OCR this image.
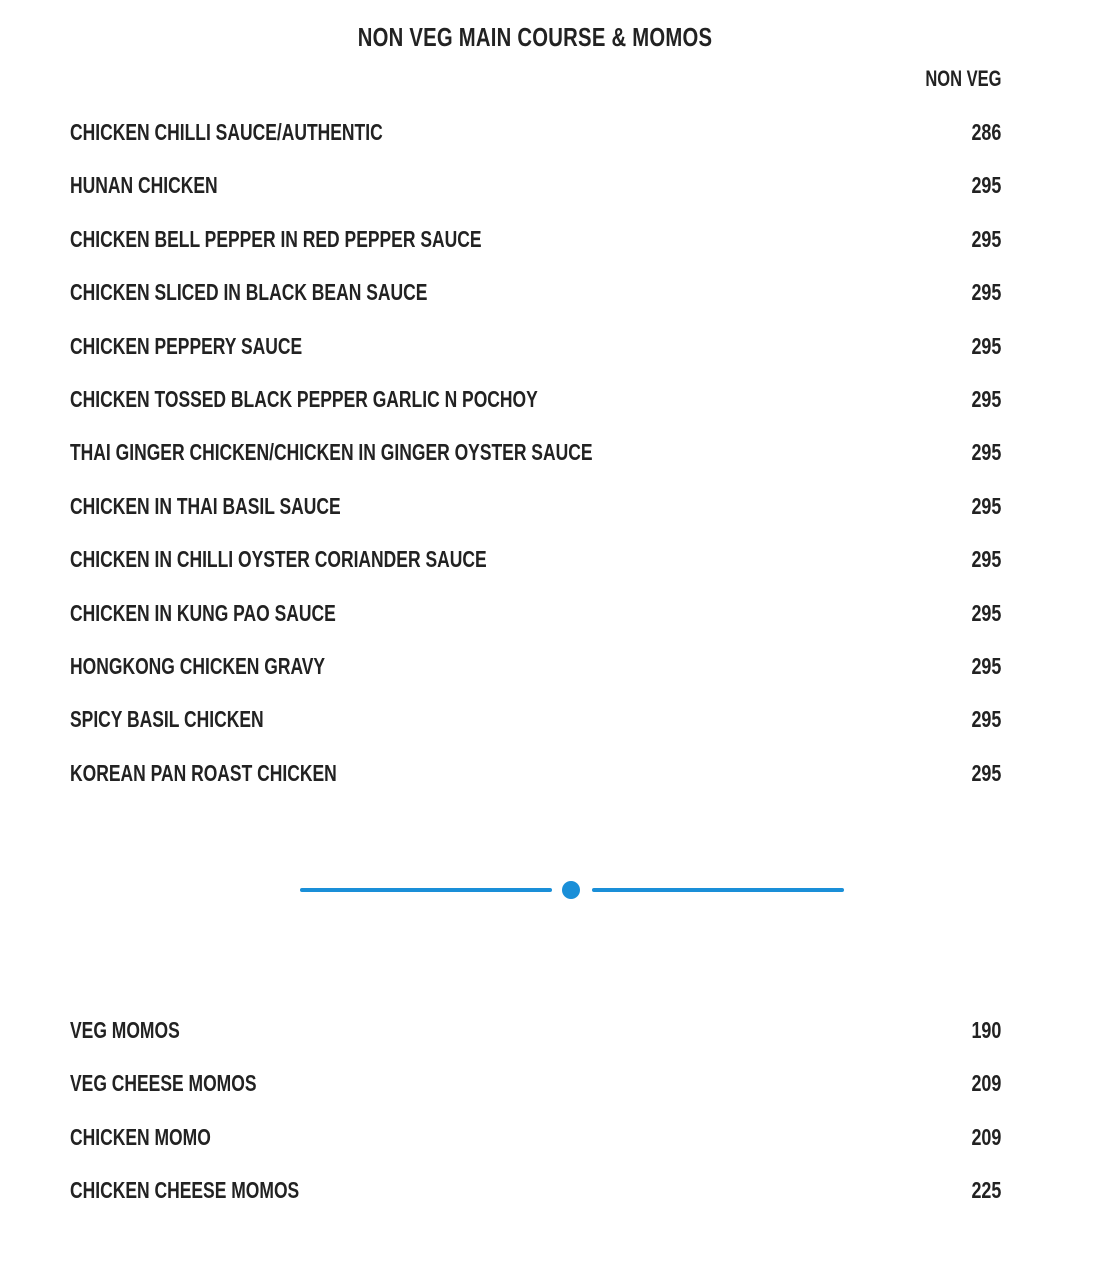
NON VEG MAIN COURSE & MOMOS
NON VEG
CHICKEN CHILLI SAUCE/AUTHENTIC	286
HUNAN CHICKEN	295
CHICKEN BELL PEPPER IN RED PEPPER SAUCE	295
CHICKEN SLICED IN BLACK BEAN SAUCE	295
CHICKEN PEPPERY SAUCE	295
CHICKEN TOSSED BLACK PEPPER GARLIC N POCHOY	295
THAI GINGER CHICKEN/CHICKEN IN GINGER OYSTER SAUCE	295
CHICKEN IN THAI BASIL SAUCE	295
CHICKEN IN CHILLI OYSTER CORIANDER SAUCE	295
CHICKEN IN KUNG PAO SAUCE	295
HONGKONG CHICKEN GRAVY	295
SPICY BASIL CHICKEN	295
KOREAN PAN ROAST CHICKEN	295
VEG MOMOS	190
VEG CHEESE MOMOS	209
CHICKEN MOMO	209
CHICKEN CHEESE MOMOS	225
